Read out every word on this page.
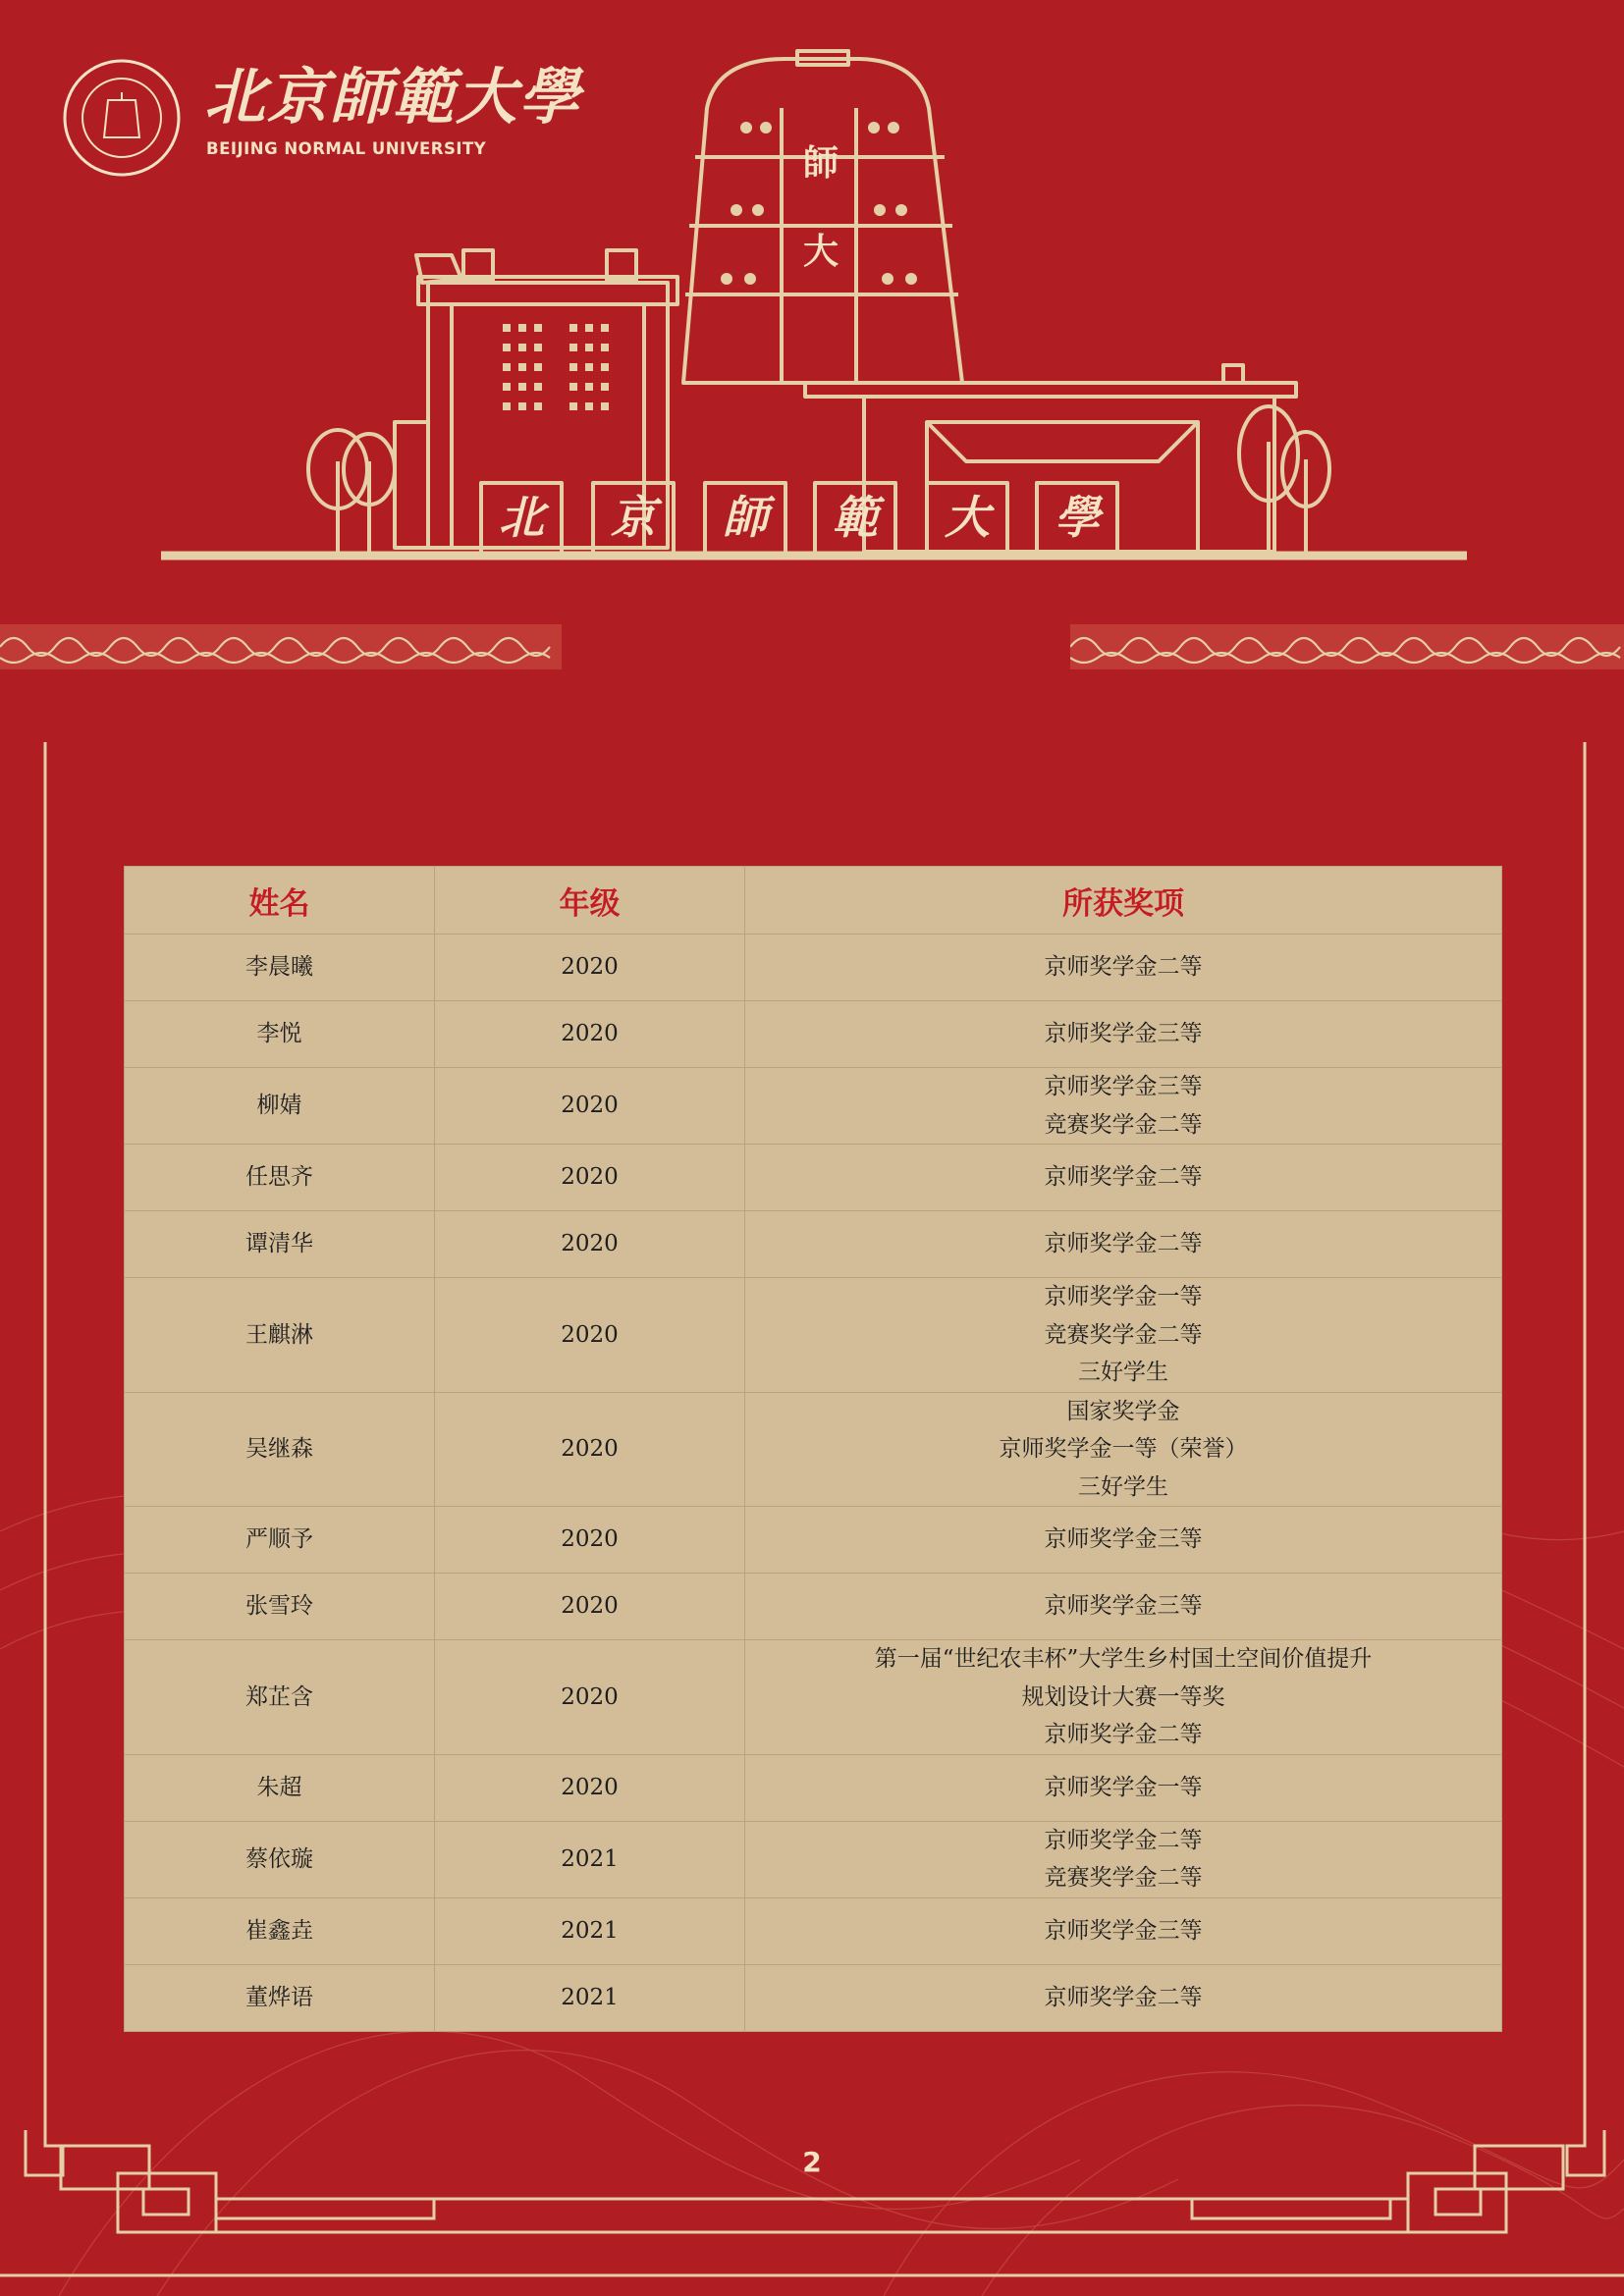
北京師範大學
BEIJING NORMAL UNIVERSITY	師
大
北 京 師 範 大 學
姓名	年级	所获奖项
李晨曦	2020	京师奖学金二等

李悦	2020	京师奖学金三等

柳婧	2020	京师奖学金三等
竞赛奖学金二等

任思齐	2020	京师奖学金二等

谭清华	2020	京师奖学金二等

王麒淋	2020	京师奖学金一等
竞赛奖学金二等
三好学生

吴继森	2020	国家奖学金
京师奖学金一等（荣誉）
三好学生

严顺予	2020	京师奖学金三等

张雪玲	2020	京师奖学金三等

郑芷含	2020	第一届“世纪农丰杯”大学生乡村国土空间价值提升
规划设计大赛一等奖
京师奖学金二等

朱超	2020	京师奖学金一等

蔡依璇	2021	京师奖学金二等
竞赛奖学金二等

崔鑫垚	2021	京师奖学金三等

董烨语	2021	京师奖学金二等
2
